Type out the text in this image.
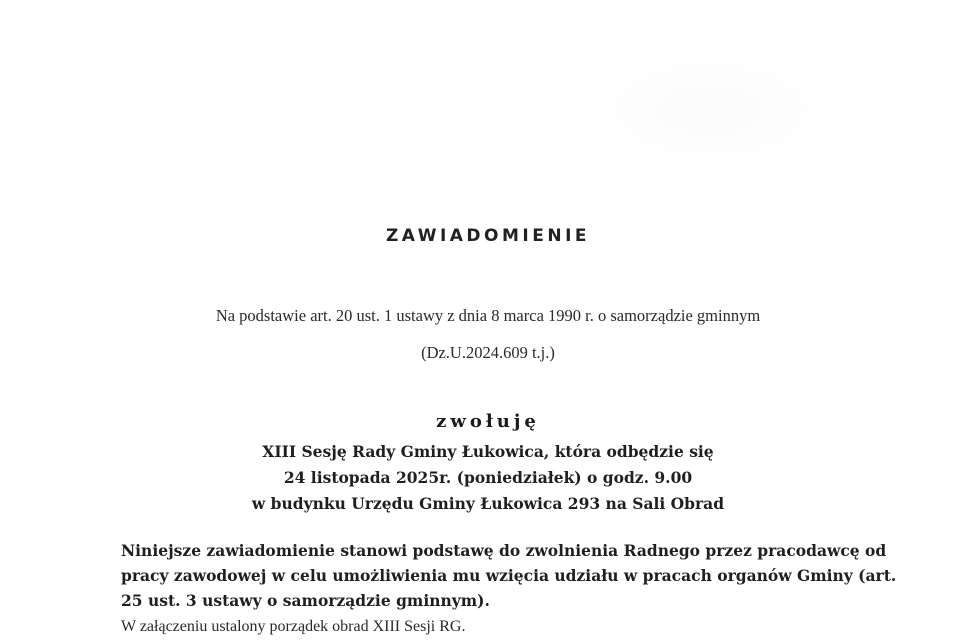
ZAWIADOMIENIE
Na podstawie art. 20 ust. 1 ustawy z dnia 8 marca 1990 r. o samorządzie gminnym
(Dz.U.2024.609 t.j.)
zwołuję
XIII Sesję Rady Gminy Łukowica, która odbędzie się
24 listopada 2025r. (poniedziałek) o godz. 9.00
w budynku Urzędu Gminy Łukowica 293 na Sali Obrad
Niniejsze zawiadomienie stanowi podstawę do zwolnienia Radnego przez pracodawcę od
pracy zawodowej w celu umożliwienia mu wzięcia udziału w pracach organów Gminy (art.
25 ust. 3 ustawy o samorządzie gminnym).
W załączeniu ustalony porządek obrad XIII Sesji RG.
